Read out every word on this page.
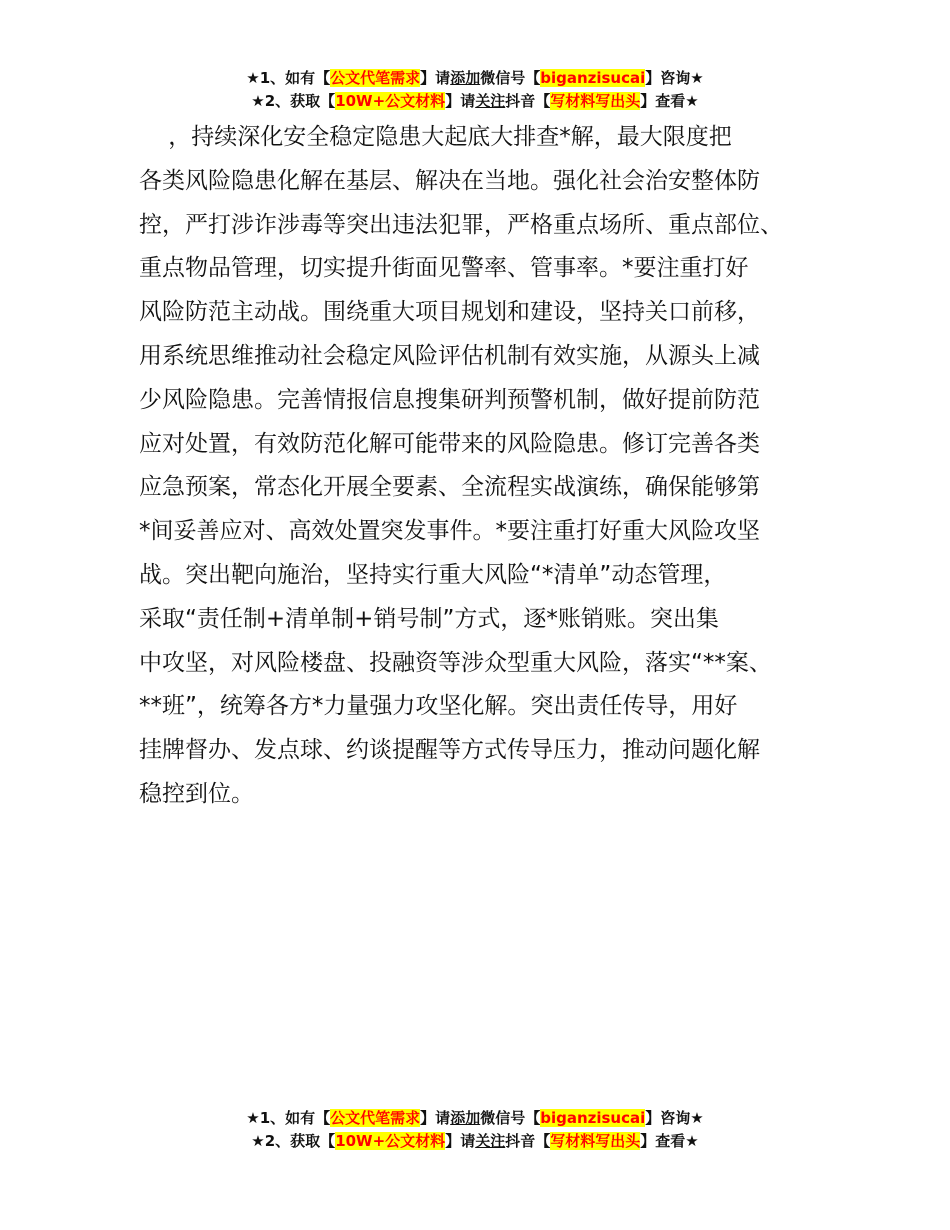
★1、如有【公文代笔需求】请添加微信号【biganzisucai】咨询★
★2、获取【10W+公文材料】请关注抖音【写材料写出头】查看★
，持续深化安全稳定隐患大起底大排查*解，最大限度把
各类风险隐患化解在基层、解决在当地。强化社会治安整体防
控，严打涉诈涉毒等突出违法犯罪，严格重点场所、重点部位、
重点物品管理，切实提升街面见警率、管事率。*要注重打好
风险防范主动战。围绕重大项目规划和建设，坚持关口前移，
用系统思维推动社会稳定风险评估机制有效实施，从源头上减
少风险隐患。完善情报信息搜集研判预警机制，做好提前防范
应对处置，有效防范化解可能带来的风险隐患。修订完善各类
应急预案，常态化开展全要素、全流程实战演练，确保能够第
*间妥善应对、高效处置突发事件。*要注重打好重大风险攻坚
战。突出靶向施治，坚持实行重大风险“*清单”动态管理，
采取“责任制+清单制+销号制”方式，逐*账销账。突出集
中攻坚，对风险楼盘、投融资等涉众型重大风险，落实“**案、
**班”，统筹各方*力量强力攻坚化解。突出责任传导，用好
挂牌督办、发点球、约谈提醒等方式传导压力，推动问题化解
稳控到位。
★1、如有【公文代笔需求】请添加微信号【biganzisucai】咨询★
★2、获取【10W+公文材料】请关注抖音【写材料写出头】查看★
